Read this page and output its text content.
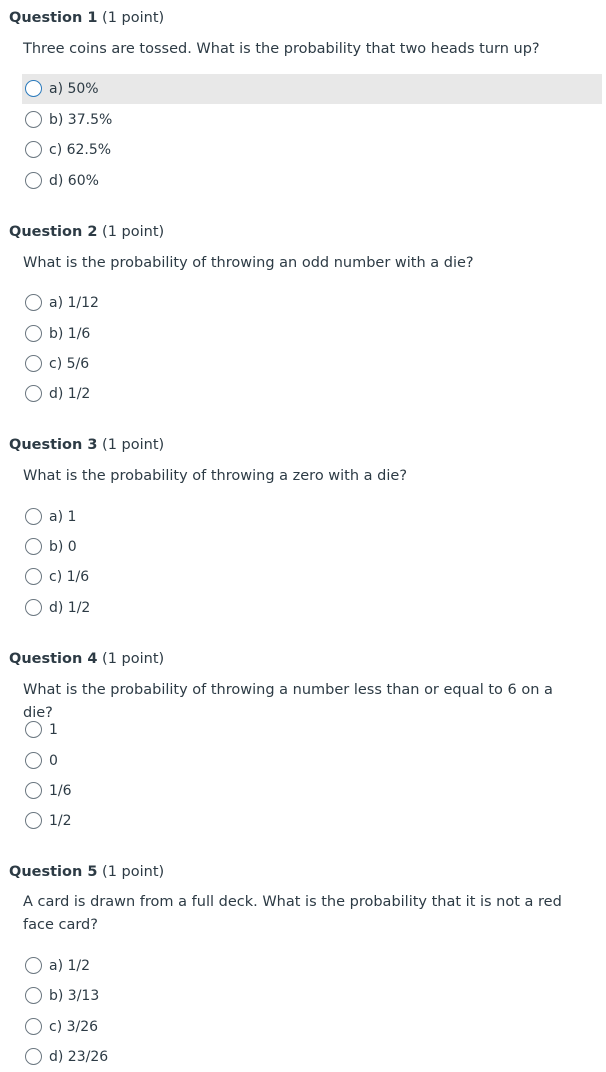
Question 1 (1 point)
Three coins are tossed. What is the probability that two heads turn up?
a) 50%
b) 37.5%
c) 62.5%
d) 60%
Question 2 (1 point)
What is the probability of throwing an odd number with a die?
a) 1/12
b) 1/6
c) 5/6
d) 1/2
Question 3 (1 point)
What is the probability of throwing a zero with a die?
a) 1
b) 0
c) 1/6
d) 1/2
Question 4 (1 point)
What is the probability of throwing a number less than or equal to 6 on a die?
1
0
1/6
1/2
Question 5 (1 point)
A card is drawn from a full deck. What is the probability that it is not a red face card?
a) 1/2
b) 3/13
c) 3/26
d) 23/26
